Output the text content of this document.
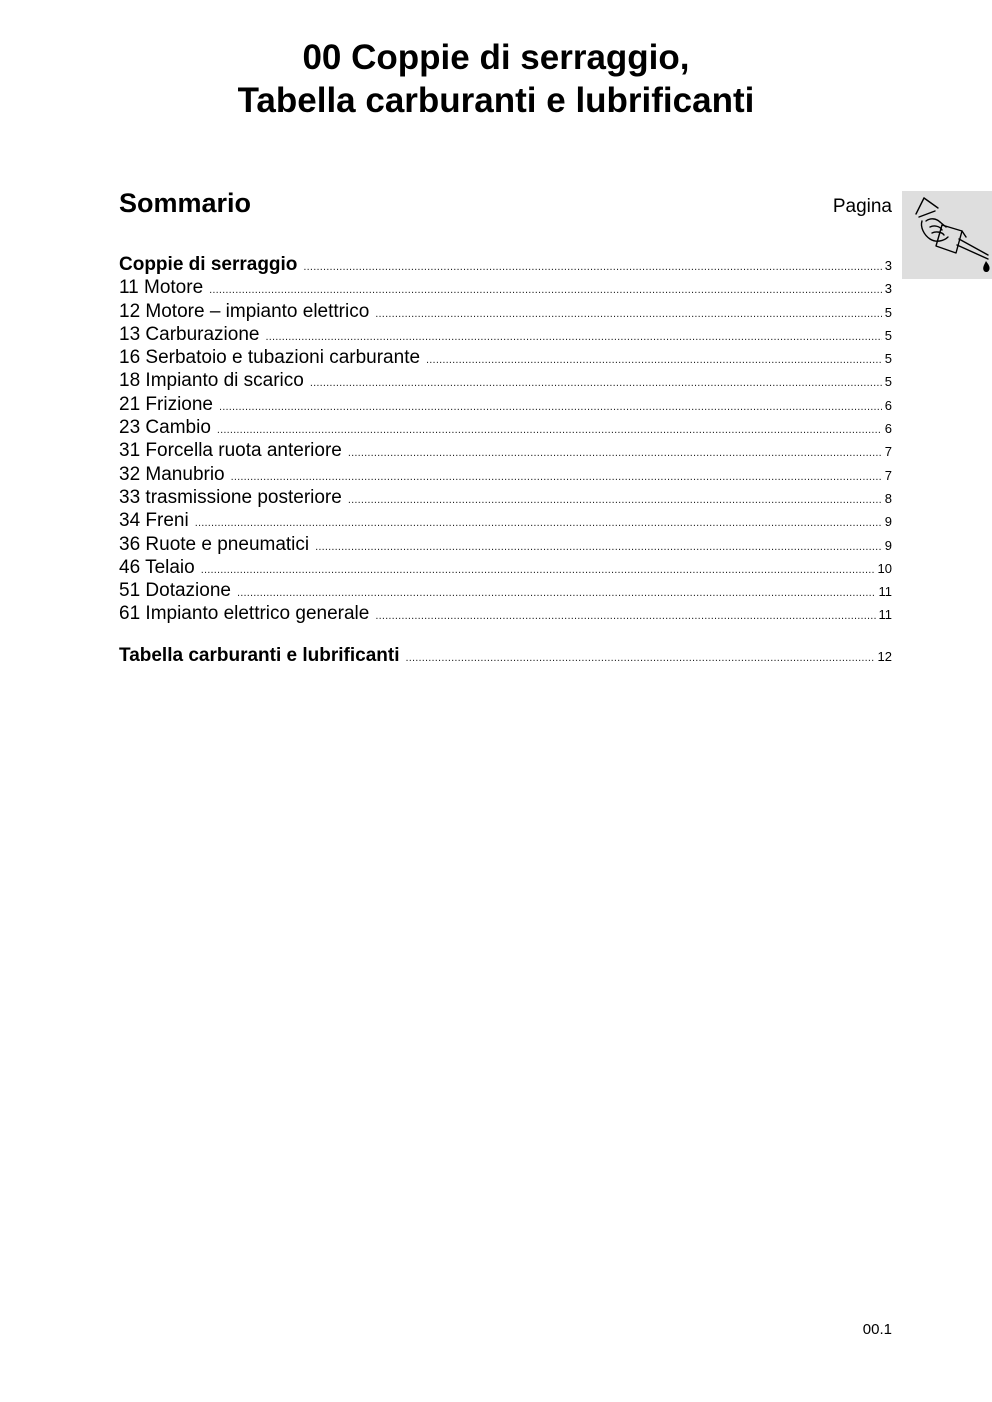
00 Coppie di serraggio,
Tabella carburanti e lubrificanti
Sommario	Pagina
Coppie di serraggio .....	3
11 Motore .....	3
12 Motore – impianto elettrico .....	5
13 Carburazione .....	5
16 Serbatoio e tubazioni carburante .....	5
18 Impianto di scarico .....	5
21 Frizione .....	6
23 Cambio .....	6
31 Forcella ruota anteriore .....	7
32 Manubrio .....	7
33 trasmissione posteriore .....	8
34 Freni .....	9
36 Ruote e pneumatici .....	9
46 Telaio .....	10
51 Dotazione .....	11
61 Impianto elettrico generale .....	11
Tabella carburanti e lubrificanti .....	12
00.1
